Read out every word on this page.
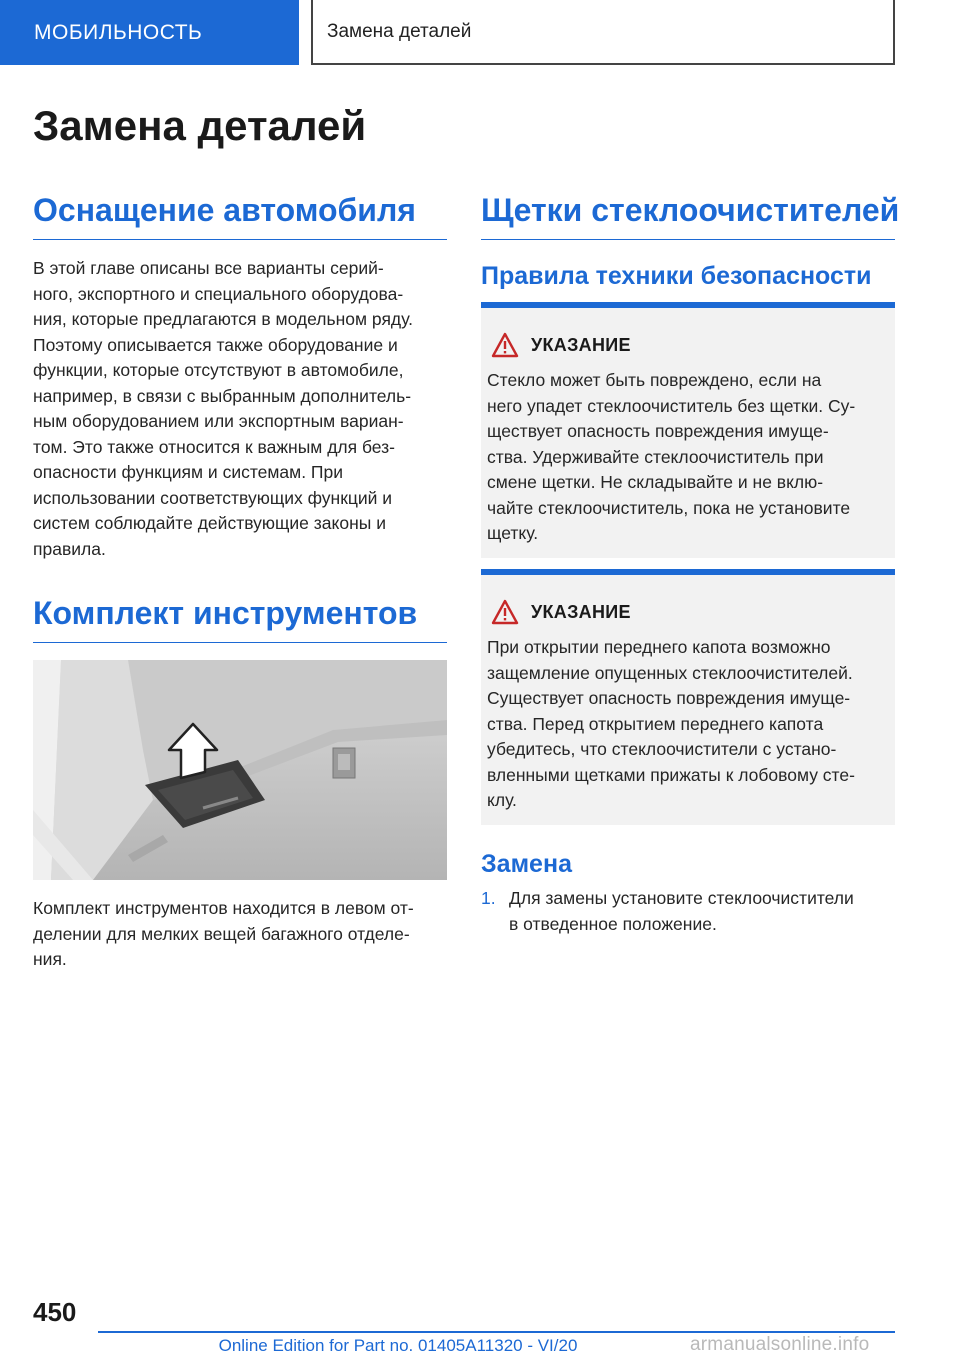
МОБИЛЬНОСТЬ	Замена деталей
Замена деталей
Оснащение автомобиля
В этой главе описаны все варианты серий-
ного, экспортного и специального оборудова-
ния, которые предлагаются в модельном ряду.
Поэтому описывается также оборудование и
функции, которые отсутствуют в автомобиле,
например, в связи с выбранным дополнитель-
ным оборудованием или экспортным вариан-
том. Это также относится к важным для без-
опасности функциям и системам. При
использовании соответствующих функций и
систем соблюдайте действующие законы и
правила.
Комплект инструментов
Комплект инструментов находится в левом от-
делении для мелких вещей багажного отделе-
ния.
Щетки стеклоочистителей
Правила техники безопасности
УКАЗАНИЕ
Стекло может быть повреждено, если на
него упадет стеклоочиститель без щетки. Су-
ществует опасность повреждения имуще-
ства. Удерживайте стеклоочиститель при
смене щетки. Не складывайте и не вклю-
чайте стеклоочиститель, пока не установите
щетку.
УКАЗАНИЕ
При открытии переднего капота возможно
защемление опущенных стеклоочистителей.
Существует опасность повреждения имуще-
ства. Перед открытием переднего капота
убедитесь, что стеклоочистители с устано-
вленными щетками прижаты к лобовому сте-
клу.
Замена
1. Для замены установите стеклоочистители
в отведенное положение.
450
Online Edition for Part no. 01405A11320 - VI/20	armanualsonline.info
